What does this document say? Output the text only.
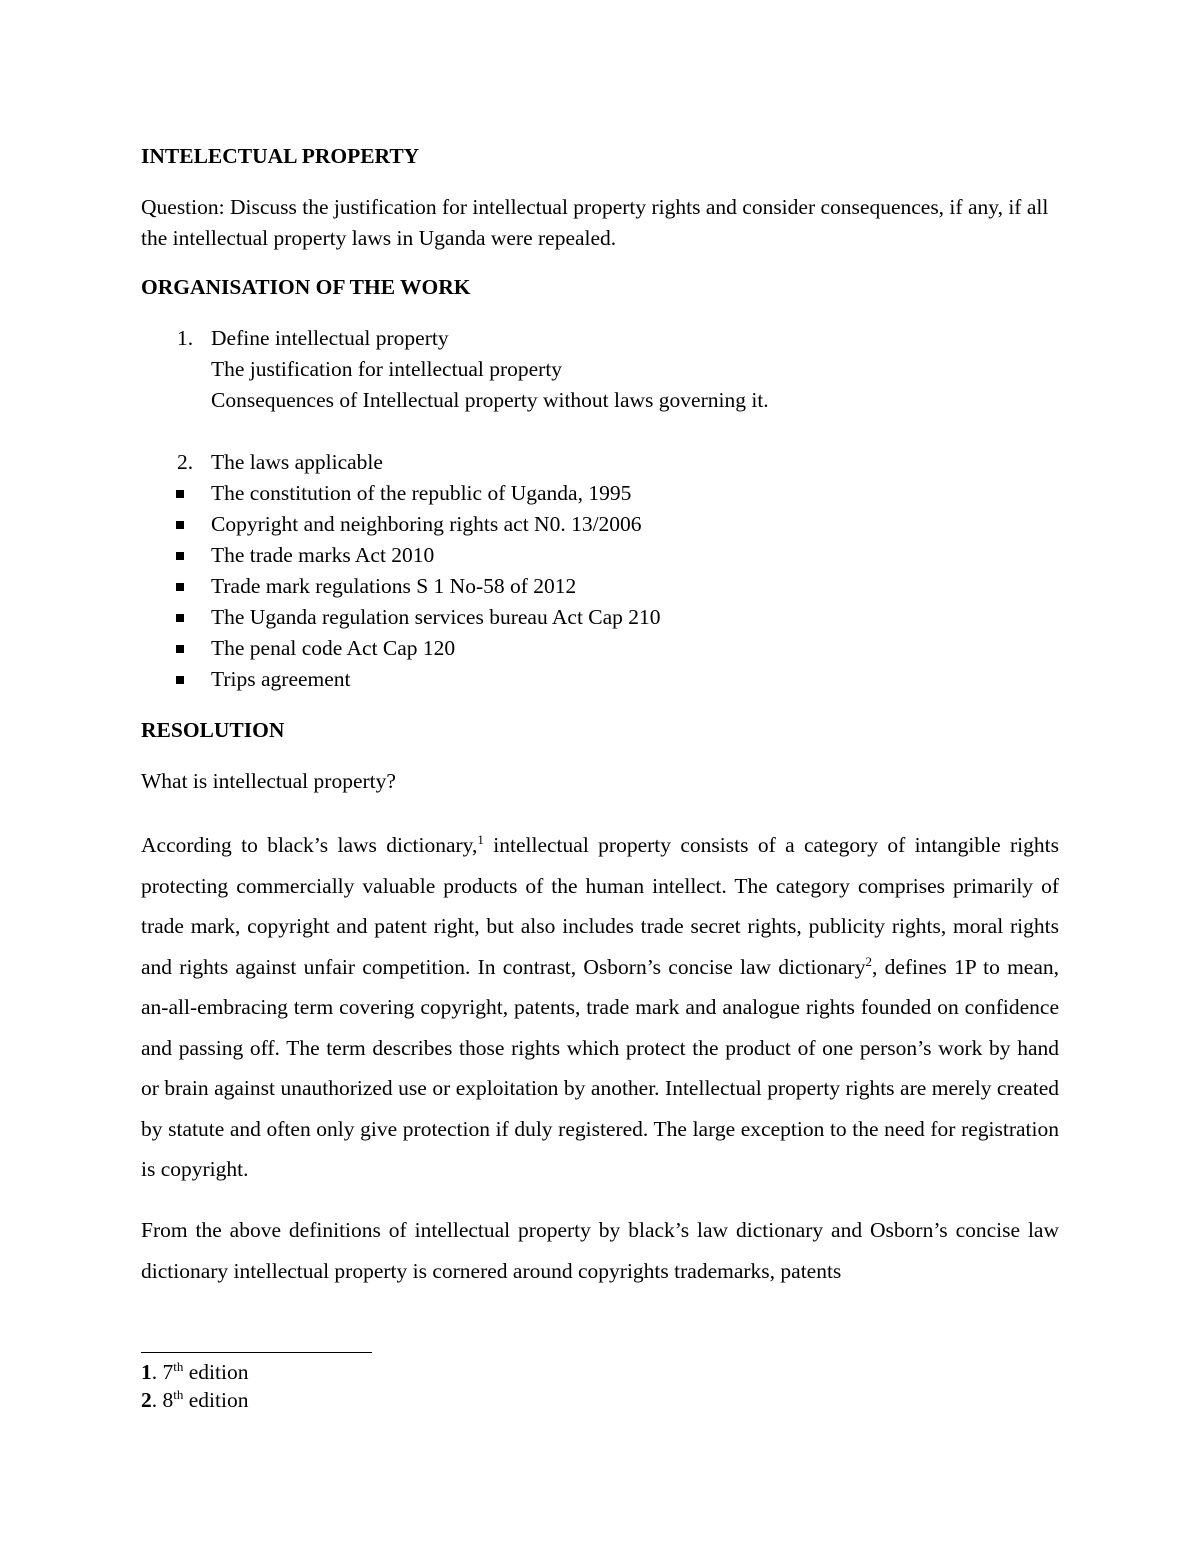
INTELECTUAL PROPERTY

Question: Discuss the justification for intellectual property rights and consider consequences, if any, if all the intellectual property laws in Uganda were repealed.

ORGANISATION OF THE WORK

1. Define intellectual property
The justification for intellectual property
Consequences of Intellectual property without laws governing it.
2. The laws applicable
The constitution of the republic of Uganda, 1995
Copyright and neighboring rights act N0. 13/2006
The trade marks Act 2010
Trade mark regulations S 1 No-58 of 2012
The Uganda regulation services bureau Act Cap 210
The penal code Act Cap 120
Trips agreement

RESOLUTION

What is intellectual property?

According to black’s laws dictionary,$^1$ intellectual property consists of a category of intangible rights protecting commercially valuable products of the human intellect. The category comprises primarily of trade mark, copyright and patent right, but also includes trade secret rights, publicity rights, moral rights and rights against unfair competition. In contrast, Osborn’s concise law dictionary$^2$, defines 1P to mean, an-all-embracing term covering copyright, patents, trade mark and analogue rights founded on confidence and passing off. The term describes those rights which protect the product of one person’s work by hand or brain against unauthorized use or exploitation by another. Intellectual property rights are merely created by statute and often only give protection if duly registered. The large exception to the need for registration is copyright.

From the above definitions of intellectual property by black’s law dictionary and Osborn’s concise law dictionary intellectual property is cornered around copyrights trademarks, patents

1. 7th edition
2. 8th edition
